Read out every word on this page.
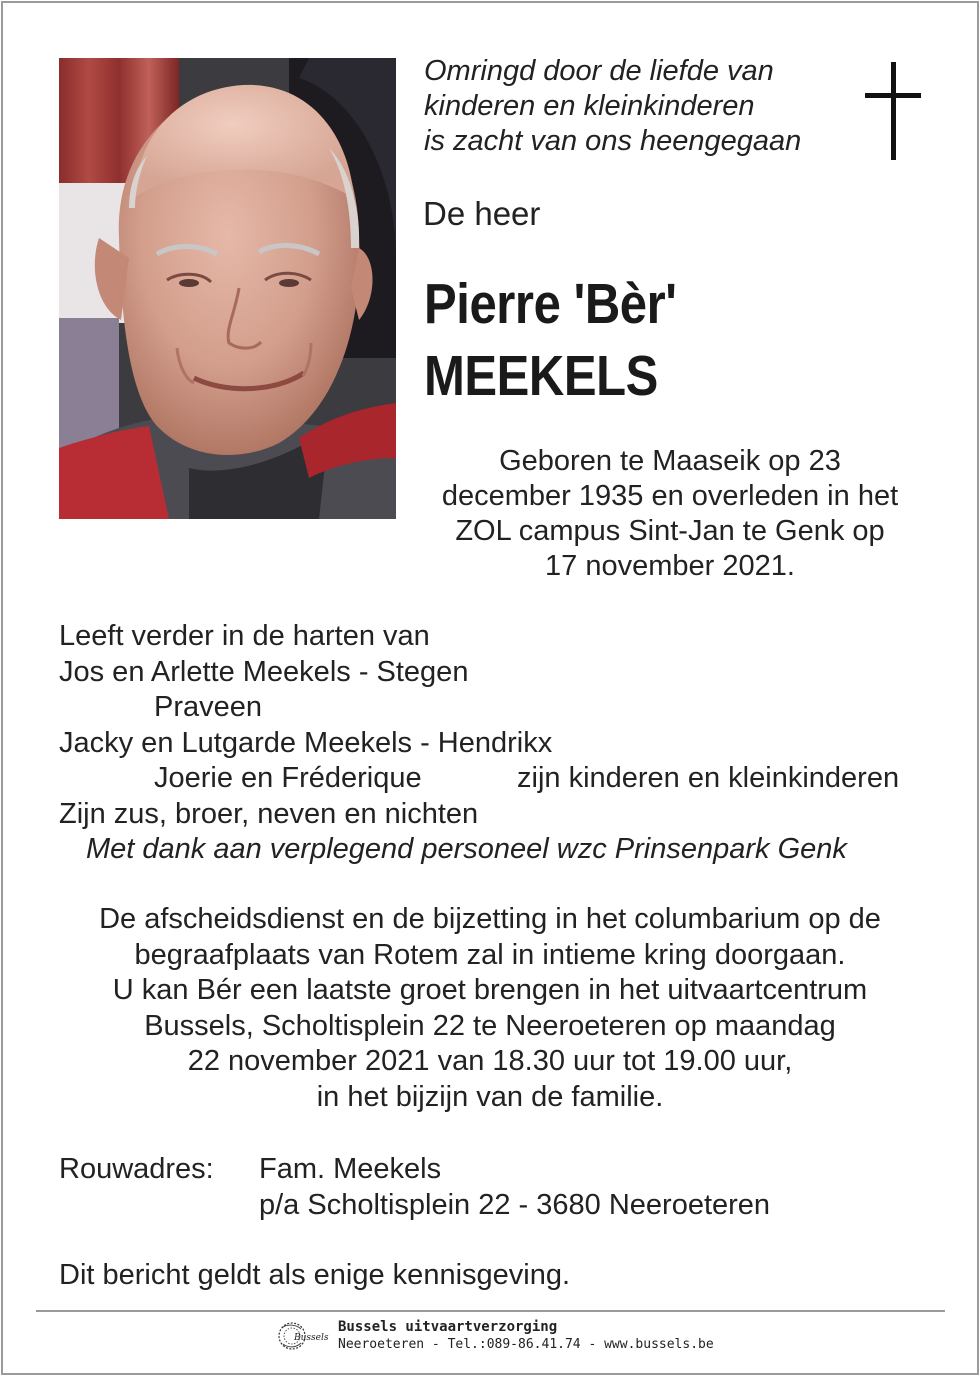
Omringd door de liefde van
kinderen en kleinkinderen
is zacht van ons heengegaan
De heer
Pierre 'Bèr'
MEEKELS
Geboren te Maaseik op 23
december 1935 en overleden in het
ZOL campus Sint-Jan te Genk op
17 november 2021.
Leeft verder in de harten van
Jos en Arlette Meekels - Stegen
Praveen
Jacky en Lutgarde Meekels - Hendrikx
Joerie en Fréderique	zijn kinderen en kleinkinderen
Zijn zus, broer, neven en nichten
Met dank aan verplegend personeel wzc Prinsenpark Genk
De afscheidsdienst en de bijzetting in het columbarium op de
begraafplaats van Rotem zal in intieme kring doorgaan.
U kan Bér een laatste groet brengen in het uitvaartcentrum
Bussels, Scholtisplein 22 te Neeroeteren op maandag
22 november 2021 van 18.30 uur tot 19.00 uur,
in het bijzijn van de familie.
Rouwadres: Fam. Meekels
p/a Scholtisplein 22 - 3680 Neeroeteren
Dit bericht geldt als enige kennisgeving.
Bussels
Bussels uitvaartverzorging
Neeroeteren - Tel.:089-86.41.74 - www.bussels.be
